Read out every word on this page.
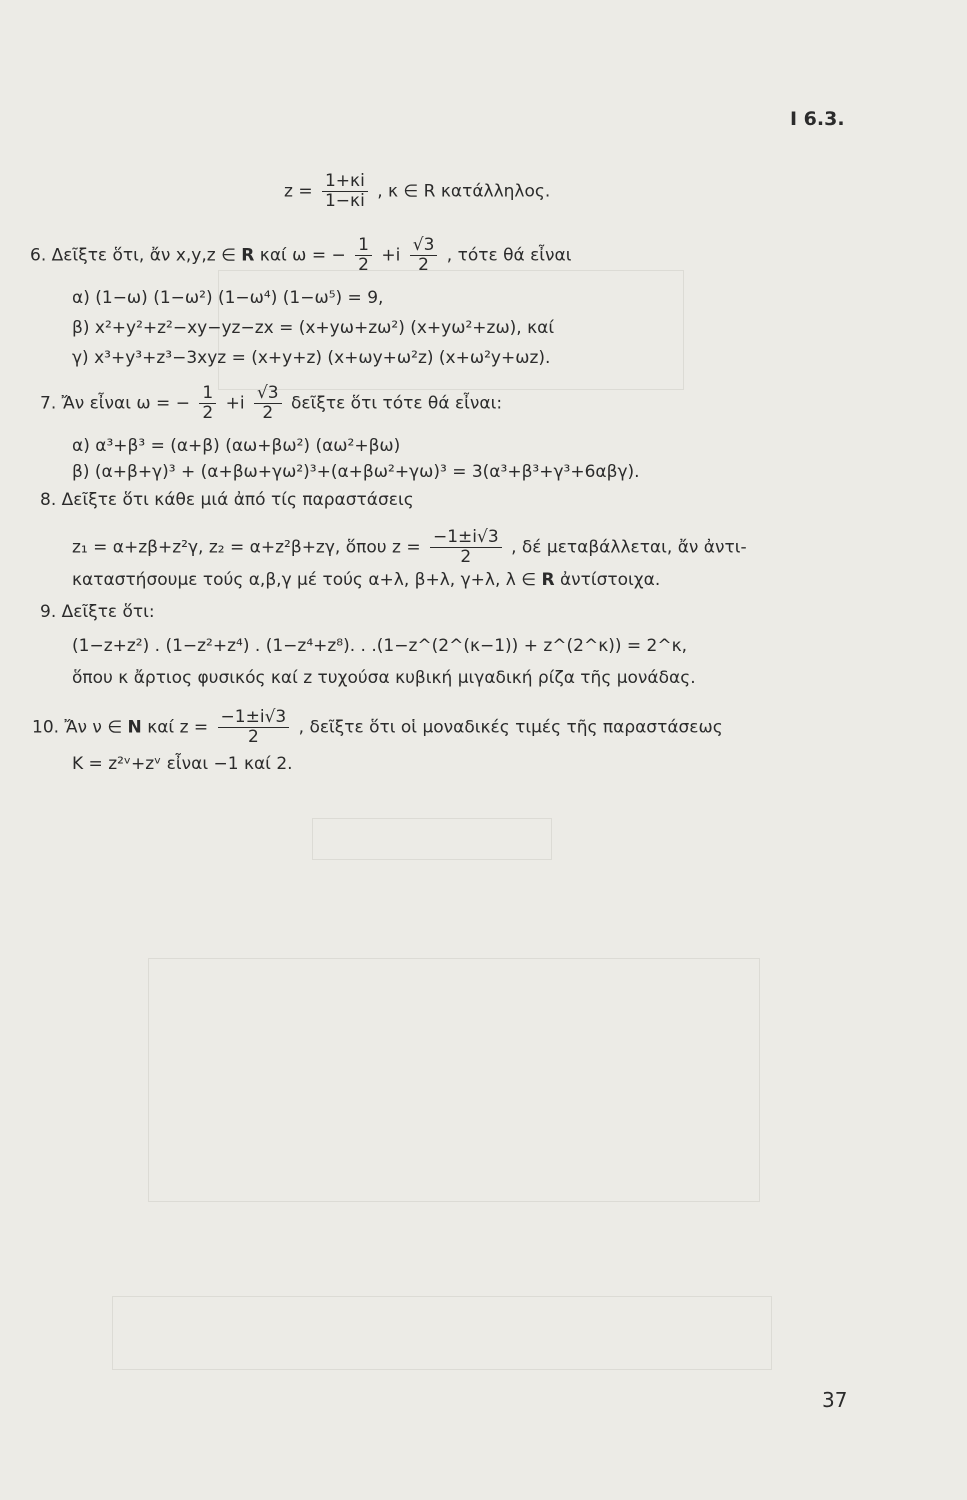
I 6.3.
$z = \frac{1+\kappa i}{1-\kappa i}$ , κ ∈ R κατάλληλος.
6. Δεῖξτε ὅτι, ἄν x,y,z ∈ R καί ω = − $\frac{1}{2} +i \frac{√3}{2}$ , τότε θά εἶναι
α) (1−ω) (1−ω²) (1−ω⁴) (1−ω⁵) = 9,
β) x²+y²+z²−xy−yz−zx = (x+yω+zω²) (x+yω²+zω), καί
γ) x³+y³+z³−3xyz = (x+y+z) (x+ωy+ω²z) (x+ω²y+ωz).
7. Ἄν εἶναι ω = − $\frac{1}{2} +i \frac{√3}{2}$ δεῖξτε ὅτι τότε θά εἶναι:
α) α³+β³ = (α+β) (αω+βω²) (αω²+βω)
β) (α+β+γ)³ + (α+βω+γω²)³+(α+βω²+γω)³ = 3(α³+β³+γ³+6αβγ).
8. Δεῖξτε ὅτι κάθε μιά ἀπό τίς παραστάσεις
z₁ = α+zβ+z²γ, z₂ = α+z²β+zγ, ὅπου $z = \frac{-1\pm i√3}{2}$ , δέ μεταβάλλεται, ἄν ἀντι-
καταστήσουμε τούς α,β,γ μέ τούς α+λ, β+λ, γ+λ, λ ∈ R ἀντίστοιχα.
9. Δεῖξτε ὅτι:
(1−z+z²) . (1−z²+z⁴) . (1−z⁴+z⁸). . .(1−z^(2^(κ−1)) + z^(2^κ)) = 2^κ,
ὅπου κ ἄρτιος φυσικός καί z τυχούσα κυβική μιγαδική ρίζα τῆς μονάδας.
10. Ἄν ν ∈ N καί $z = \frac{-1\pm i√3}{2}$ , δεῖξτε ὅτι οἱ μοναδικές τιμές τῆς παραστάσεως
K = z²ᵛ+zᵛ εἶναι −1 καί 2.
37
